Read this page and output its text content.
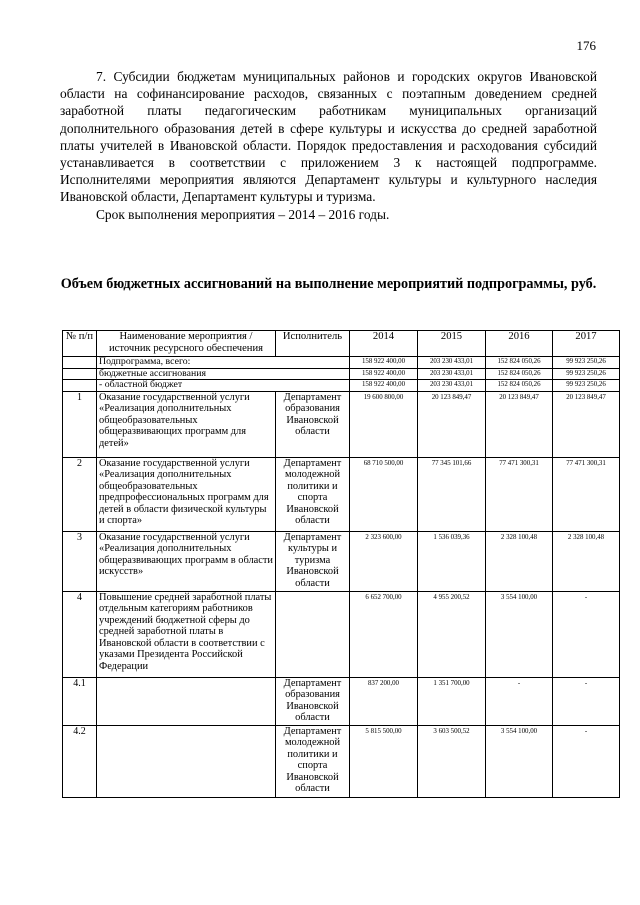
176

7. Субсидии бюджетам муниципальных районов и городских округов Ивановской области на софинансирование расходов, связанных с поэтапным доведением средней заработной платы педагогическим работникам муниципальных организаций дополнительного образования детей в сфере культуры и искусства до средней заработной платы учителей в Ивановской области. Порядок предоставления и расходования субсидий устанавливается в соответствии с приложением 3 к настоящей подпрограмме. Исполнителями мероприятия являются Департамент культуры и культурного наследия Ивановской области, Департамент культуры и туризма.

Срок выполнения мероприятия – 2014 – 2016 годы.

Объем бюджетных ассигнований на выполнение мероприятий подпрограммы, руб.
№ п/п	Наименование мероприятия / источник ресурсного обеспечения	Исполнитель	2014	2015	2016	2017
	Подпрограмма, всего:		158 922 400,00	203 230 433,01	152 824 050,26	99 923 250,26
	бюджетные ассигнования		158 922 400,00	203 230 433,01	152 824 050,26	99 923 250,26
	- областной бюджет		158 922 400,00	203 230 433,01	152 824 050,26	99 923 250,26
1	Оказание государственной услуги «Реализация дополнительных общеобразовательных общеразвивающих программ для детей»	Департамент образования Ивановской области	19 600 800,00	20 123 849,47	20 123 849,47	20 123 849,47
2	Оказание государственной услуги «Реализация дополнительных общеобразовательных предпрофессиональных программ для детей в области физической культуры и спорта»	Департамент молодежной политики и спорта Ивановской области	68 710 500,00	77 345 101,66	77 471 300,31	77 471 300,31
3	Оказание государственной услуги «Реализация дополнительных общеразвивающих программ в области искусств»	Департамент культуры и туризма Ивановской области	2 323 600,00	1 536 039,36	2 328 100,48	2 328 100,48
4	Повышение средней заработной платы отдельным категориям работников учреждений бюджетной сферы до средней заработной платы в Ивановской области в соответствии с указами Президента Российской Федерации		6 652 700,00	4 955 200,52	3 554 100,00	-
4.1		Департамент образования Ивановской области	837 200,00	1 351 700,00	-	-
4.2		Департамент молодежной политики и спорта Ивановской области	5 815 500,00	3 603 500,52	3 554 100,00	-
